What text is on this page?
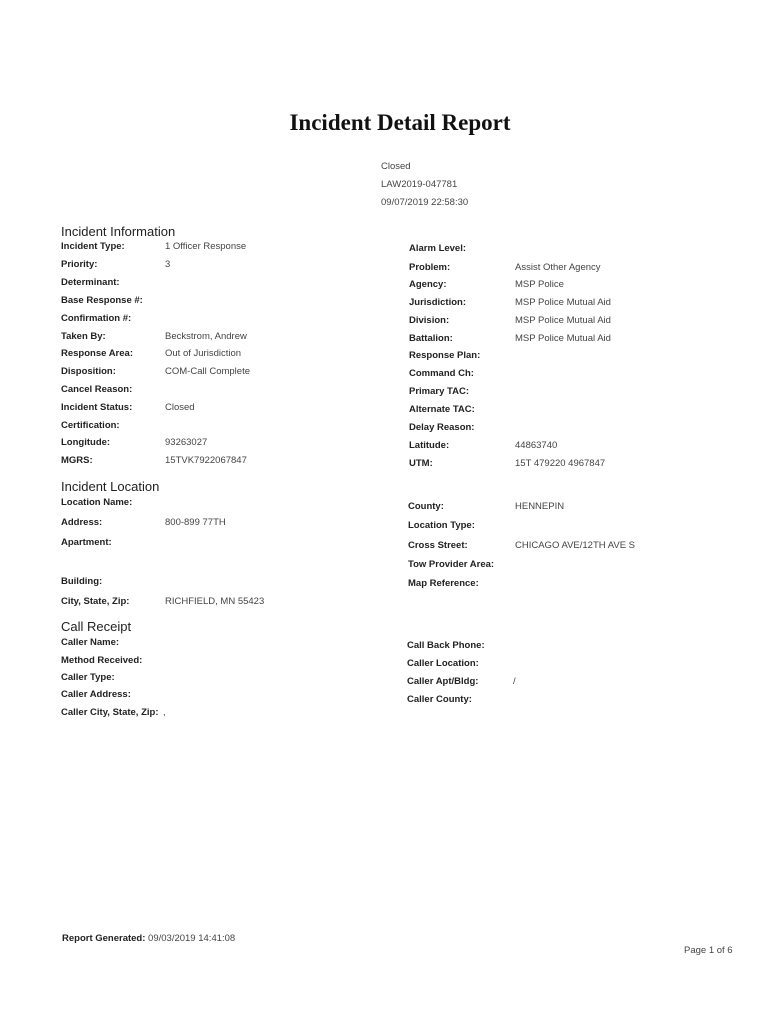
Incident Detail Report
Closed
LAW2019-047781
09/07/2019 22:58:30
Incident Information
Incident Type:	1 Officer Response
Priority:	3
Determinant:
Base Response #:
Confirmation #:
Taken By:	Beckstrom, Andrew
Response Area:	Out of Jurisdiction
Disposition:	COM-Call Complete
Cancel Reason:
Incident Status:	Closed
Certification:
Longitude:	93263027
MGRS:	15TVK7922067847
Alarm Level:
Problem:	Assist Other Agency
Agency:	MSP Police
Jurisdiction:	MSP Police Mutual Aid
Division:	MSP Police Mutual Aid
Battalion:	MSP Police Mutual Aid
Response Plan:
Command Ch:
Primary TAC:
Alternate TAC:
Delay Reason:
Latitude:	44863740
UTM:	15T 479220 4967847
Incident Location
Location Name:
Address:	800-899 77TH
Apartment:
Building:
City, State, Zip:	RICHFIELD, MN 55423
County:	HENNEPIN
Location Type:
Cross Street:	CHICAGO AVE/12TH AVE S
Tow Provider Area:
Map Reference:
Call Receipt
Caller Name:
Method Received:
Caller Type:
Caller Address:
Caller City, State, Zip: ,
Call Back Phone:
Caller Location:
Caller Apt/Bldg:	/
Caller County:
Report Generated: 09/03/2019 14:41:08
Page 1 of 6
